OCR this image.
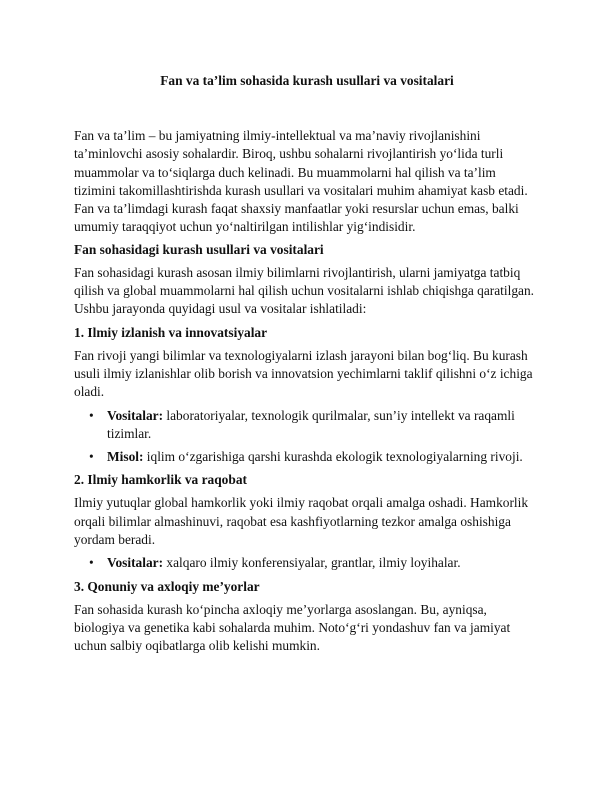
Fan va ta’lim sohasida kurash usullari va vositalari

Fan va ta’lim – bu jamiyatning ilmiy-intellektual va ma’naviy rivojlanishini ta’minlovchi asosiy sohalardir. Biroq, ushbu sohalarni rivojlantirish yo‘lida turli muammolar va to‘siqlarga duch kelinadi. Bu muammolarni hal qilish va ta’lim tizimini takomillashtirishda kurash usullari va vositalari muhim ahamiyat kasb etadi. Fan va ta’limdagi kurash faqat shaxsiy manfaatlar yoki resurslar uchun emas, balki umumiy taraqqiyot uchun yo‘naltirilgan intilishlar yig‘indisidir.

Fan sohasidagi kurash usullari va vositalari

Fan sohasidagi kurash asosan ilmiy bilimlarni rivojlantirish, ularni jamiyatga tatbiq qilish va global muammolarni hal qilish uchun vositalarni ishlab chiqishga qaratilgan. Ushbu jarayonda quyidagi usul va vositalar ishlatiladi:

1. Ilmiy izlanish va innovatsiyalar

Fan rivoji yangi bilimlar va texnologiyalarni izlash jarayoni bilan bog‘liq. Bu kurash usuli ilmiy izlanishlar olib borish va innovatsion yechimlarni taklif qilishni o‘z ichiga oladi.

• Vositalar: laboratoriyalar, texnologik qurilmalar, sun’iy intellekt va raqamli tizimlar.
• Misol: iqlim o‘zgarishiga qarshi kurashda ekologik texnologiyalarning rivoji.
2. Ilmiy hamkorlik va raqobat

Ilmiy yutuqlar global hamkorlik yoki ilmiy raqobat orqali amalga oshadi. Hamkorlik orqali bilimlar almashinuvi, raqobat esa kashfiyotlarning tezkor amalga oshishiga yordam beradi.

• Vositalar: xalqaro ilmiy konferensiyalar, grantlar, ilmiy loyihalar.
3. Qonuniy va axloqiy me’yorlar

Fan sohasida kurash ko‘pincha axloqiy me’yorlarga asoslangan. Bu, ayniqsa, biologiya va genetika kabi sohalarda muhim. Noto‘g‘ri yondashuv fan va jamiyat uchun salbiy oqibatlarga olib kelishi mumkin.
